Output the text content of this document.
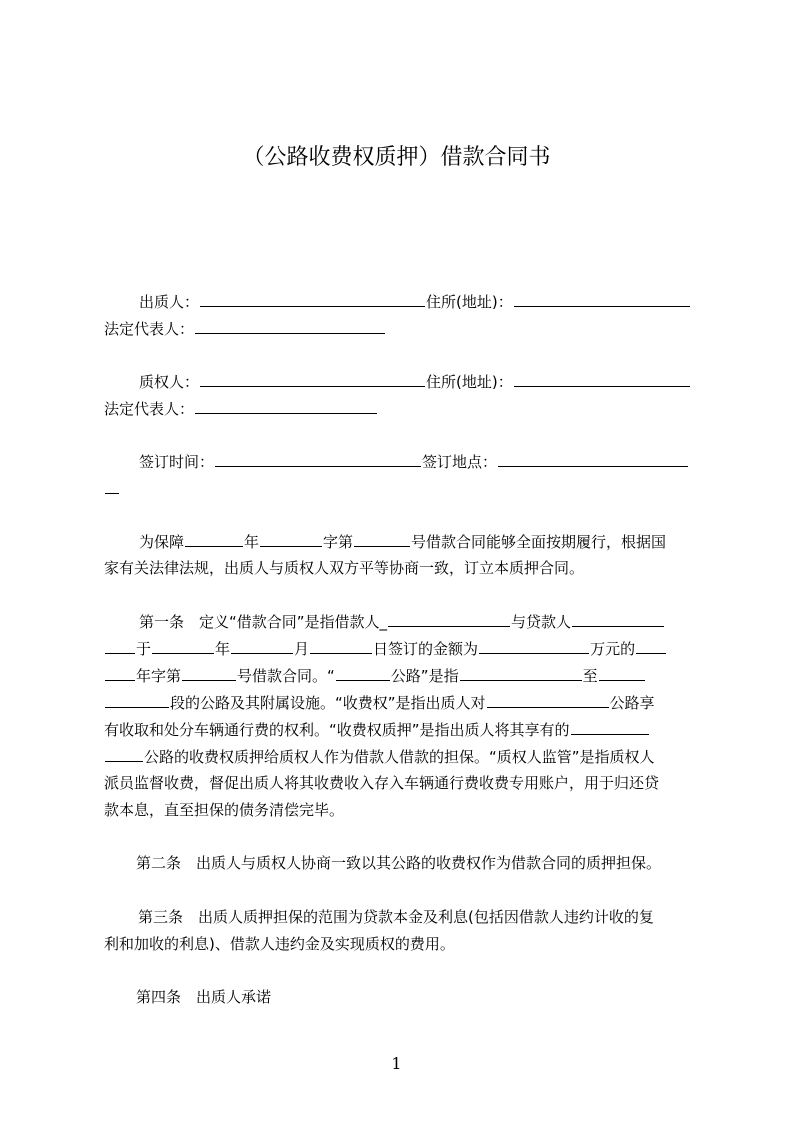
（公路收费权质押）借款合同书
出质人：	住所(地址)：
法定代表人：
质权人：	住所(地址)：
法定代表人：
签订时间：	签订地点：
为保障	年	字第	号借款合同能够全面按期履行，根据国
家有关法律法规，出质人与质权人双方平等协商一致，订立本质押合同。
第一条　定义“借款合同”是指借款人_	与贷款人
于	年	月	日签订的金额为	万元的
年字第	号借款合同。“	公路”是指	至
段的公路及其附属设施。“收费权”是指出质人对	公路享
有收取和处分车辆通行费的权利。“收费权质押”是指出质人将其享有的
公路的收费权质押给质权人作为借款人借款的担保。“质权人监管”是指质权人
派员监督收费，督促出质人将其收费收入存入车辆通行费收费专用账户，用于归还贷
款本息，直至担保的债务清偿完毕。
第二条　出质人与质权人协商一致以其公路的收费权作为借款合同的质押担保。
第三条　出质人质押担保的范围为贷款本金及利息(包括因借款人违约计收的复
利和加收的利息)、借款人违约金及实现质权的费用。
第四条　出质人承诺
1
